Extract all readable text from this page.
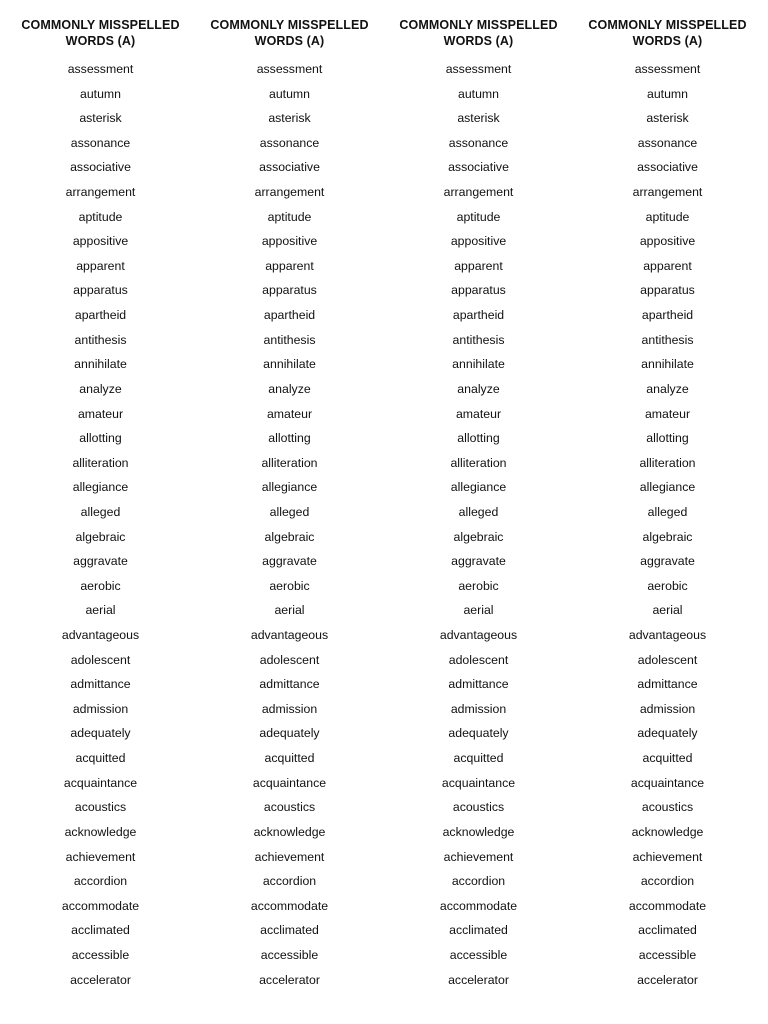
COMMONLY MISSPELLED
WORDS (A)
assessment
autumn
asterisk
assonance
associative
arrangement
aptitude
appositive
apparent
apparatus
apartheid
antithesis
annihilate
analyze
amateur
allotting
alliteration
allegiance
alleged
algebraic
aggravate
aerobic
aerial
advantageous
adolescent
admittance
admission
adequately
acquitted
acquaintance
acoustics
acknowledge
achievement
accordion
accommodate
acclimated
accessible
accelerator
COMMONLY MISSPELLED
WORDS (A)
assessment
autumn
asterisk
assonance
associative
arrangement
aptitude
appositive
apparent
apparatus
apartheid
antithesis
annihilate
analyze
amateur
allotting
alliteration
allegiance
alleged
algebraic
aggravate
aerobic
aerial
advantageous
adolescent
admittance
admission
adequately
acquitted
acquaintance
acoustics
acknowledge
achievement
accordion
accommodate
acclimated
accessible
accelerator
COMMONLY MISSPELLED
WORDS (A)
assessment
autumn
asterisk
assonance
associative
arrangement
aptitude
appositive
apparent
apparatus
apartheid
antithesis
annihilate
analyze
amateur
allotting
alliteration
allegiance
alleged
algebraic
aggravate
aerobic
aerial
advantageous
adolescent
admittance
admission
adequately
acquitted
acquaintance
acoustics
acknowledge
achievement
accordion
accommodate
acclimated
accessible
accelerator
COMMONLY MISSPELLED
WORDS (A)
assessment
autumn
asterisk
assonance
associative
arrangement
aptitude
appositive
apparent
apparatus
apartheid
antithesis
annihilate
analyze
amateur
allotting
alliteration
allegiance
alleged
algebraic
aggravate
aerobic
aerial
advantageous
adolescent
admittance
admission
adequately
acquitted
acquaintance
acoustics
acknowledge
achievement
accordion
accommodate
acclimated
accessible
accelerator
